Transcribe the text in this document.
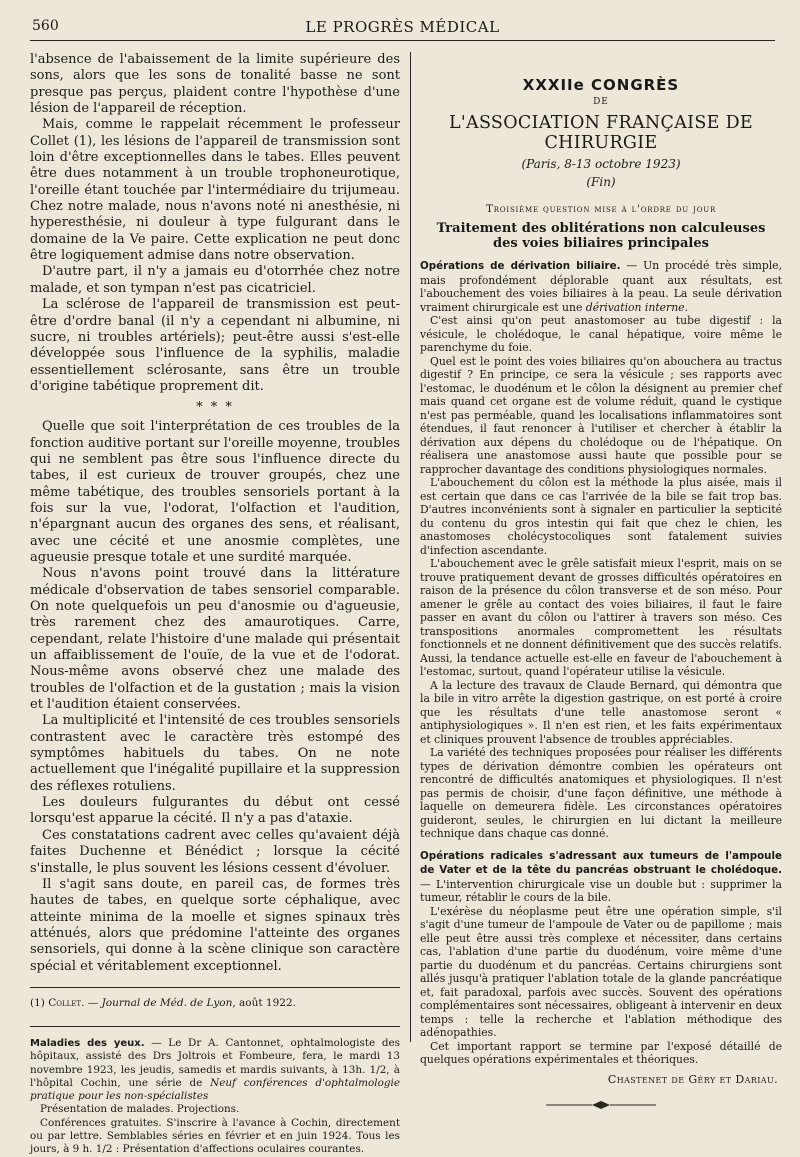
560	LE PROGRÈS MÉDICAL

l'absence de l'abaissement de la limite supérieure des sons, alors que les sons de tonalité basse ne sont presque pas perçus, plaident contre l'hypothèse d'une lésion de l'appareil de réception.

Mais, comme le rappelait récemment le professeur Collet (1), les lésions de l'appareil de transmission sont loin d'être exceptionnelles dans le tabes. Elles peuvent être dues notamment à un trouble trophoneurotique, l'oreille étant touchée par l'intermédiaire du trijumeau. Chez notre malade, nous n'avons noté ni anesthésie, ni hyperesthésie, ni douleur à type fulgurant dans le domaine de la Ve paire. Cette explication ne peut donc être logiquement admise dans notre observation.

D'autre part, il n'y a jamais eu d'otorrhée chez notre malade, et son tympan n'est pas cicatriciel.

La sclérose de l'appareil de transmission est peut-être d'ordre banal (il n'y a cependant ni albumine, ni sucre, ni troubles artériels); peut-être aussi s'est-elle développée sous l'influence de la syphilis, maladie essentiellement sclérosante, sans être un trouble d'origine tabétique proprement dit.

* * *

Quelle que soit l'interprétation de ces troubles de la fonction auditive portant sur l'oreille moyenne, troubles qui ne semblent pas être sous l'influence directe du tabes, il est curieux de trouver groupés, chez une même tabétique, des troubles sensoriels portant à la fois sur la vue, l'odorat, l'olfaction et l'audition, n'épargnant aucun des organes des sens, et réalisant, avec une cécité et une anosmie complètes, une agueusie presque totale et une surdité marquée.

Nous n'avons point trouvé dans la littérature médicale d'observation de tabes sensoriel comparable. On note quelquefois un peu d'anosmie ou d'agueusie, très rarement chez des amaurotiques. Carre, cependant, relate l'histoire d'une malade qui présentait un affaiblissement de l'ouïe, de la vue et de l'odorat. Nous-même avons observé chez une malade des troubles de l'olfaction et de la gustation ; mais la vision et l'audition étaient conservées.

La multiplicité et l'intensité de ces troubles sensoriels contrastent avec le caractère très estompé des symptômes habituels du tabes. On ne note actuellement que l'inégalité pupillaire et la suppression des réflexes rotuliens.

Les douleurs fulgurantes du début ont cessé lorsqu'est apparue la cécité. Il n'y a pas d'ataxie.

Ces constatations cadrent avec celles qu'avaient déjà faites Duchenne et Bénédict ; lorsque la cécité s'installe, le plus souvent les lésions cessent d'évoluer.

Il s'agit sans doute, en pareil cas, de formes très hautes de tabes, en quelque sorte céphalique, avec atteinte minima de la moelle et signes spinaux très atténués, alors que prédomine l'atteinte des organes sensoriels, qui donne à la scène clinique son caractère spécial et véritablement exceptionnel.

(1) Collet. — Journal de Méd. de Lyon, août 1922.

Maladies des yeux. — Le Dr A. Cantonnet, ophtalmologiste des hôpitaux, assisté des Drs Joltrois et Fombeure, fera, le mardi 13 novembre 1923, les jeudis, samedis et mardis suivants, à 13h. 1/2, à l'hôpital Cochin, une série de Neuf conférences d'ophtalmologie pratique pour les non-spécialistes

Présentation de malades. Projections.

Conférences gratuites. S'inscrire à l'avance à Cochin, directement ou par lettre. Semblables séries en février et en juin 1924. Tous les jours, à 9 h. 1/2 : Présentation d'affections oculaires courantes.

XXXIIe CONGRÈS
DE
L'ASSOCIATION FRANÇAISE DE CHIRURGIE
(Paris, 8-13 octobre 1923)
(Fin)
Troisième question mise à l'ordre du jour
Traitement des oblitérations non calculeuses
des voies biliaires principales

Opérations de dérivation biliaire. — Un procédé très simple, mais profondément déplorable quant aux résultats, est l'abouchement des voies biliaires à la peau. La seule dérivation vraiment chirurgicale est une dérivation interne.

C'est ainsi qu'on peut anastomoser au tube digestif : la vésicule, le cholédoque, le canal hépatique, voire même le parenchyme du foie.

Quel est le point des voies biliaires qu'on abouchera au tractus digestif ? En principe, ce sera la vésicule ; ses rapports avec l'estomac, le duodénum et le côlon la désignent au premier chef mais quand cet organe est de volume réduit, quand le cystique n'est pas perméable, quand les localisations inflammatoires sont étendues, il faut renoncer à l'utiliser et chercher à établir la dérivation aux dépens du cholédoque ou de l'hépatique. On réalisera une anastomose aussi haute que possible pour se rapprocher davantage des conditions physiologiques normales.

L'abouchement du côlon est la méthode la plus aisée, mais il est certain que dans ce cas l'arrivée de la bile se fait trop bas. D'autres inconvénients sont à signaler en particulier la septicité du contenu du gros intestin qui fait que chez le chien, les anastomoses cholécystocoliques sont fatalement suivies d'infection ascendante.

L'abouchement avec le grêle satisfait mieux l'esprit, mais on se trouve pratiquement devant de grosses difficultés opératoires en raison de la présence du côlon transverse et de son méso. Pour amener le grêle au contact des voies biliaires, il faut le faire passer en avant du côlon ou l'attirer à travers son méso. Ces transpositions anormales compromettent les résultats fonctionnels et ne donnent définitivement que des succès relatifs. Aussi, la tendance actuelle est-elle en faveur de l'abouchement à l'estomac, surtout, quand l'opérateur utilise la vésicule.

A la lecture des travaux de Claude Bernard, qui démontra que la bile in vitro arrête la digestion gastrique, on est porté à croire que les résultats d'une telle anastomose seront « antiphysiologiques ». Il n'en est rien, et les faits expérimentaux et cliniques prouvent l'absence de troubles appréciables.

La variété des techniques proposées pour réaliser les différents types de dérivation démontre combien les opérateurs ont rencontré de difficultés anatomiques et physiologiques. Il n'est pas permis de choisir, d'une façon définitive, une méthode à laquelle on demeurera fidèle. Les circonstances opératoires guideront, seules, le chirurgien en lui dictant la meilleure technique dans chaque cas donné.

Opérations radicales s'adressant aux tumeurs de l'ampoule de Vater et de la tête du pancréas obstruant le cholédoque. — L'intervention chirurgicale vise un double but : supprimer la tumeur, rétablir le cours de la bile.

L'exérèse du néoplasme peut être une opération simple, s'il s'agit d'une tumeur de l'ampoule de Vater ou de papillome ; mais elle peut être aussi très complexe et nécessiter, dans certains cas, l'ablation d'une partie du duodénum, voire même d'une partie du duodénum et du pancréas. Certains chirurgiens sont allés jusqu'à pratiquer l'ablation totale de la glande pancréatique et, fait paradoxal, parfois avec succès. Souvent des opérations complémentaires sont nécessaires, obligeant à intervenir en deux temps : telle la recherche et l'ablation méthodique des adénopathies.

Cet important rapport se termine par l'exposé détaillé de quelques opérations expérimentales et théoriques.

Chastenet de Géry et Dariau.
